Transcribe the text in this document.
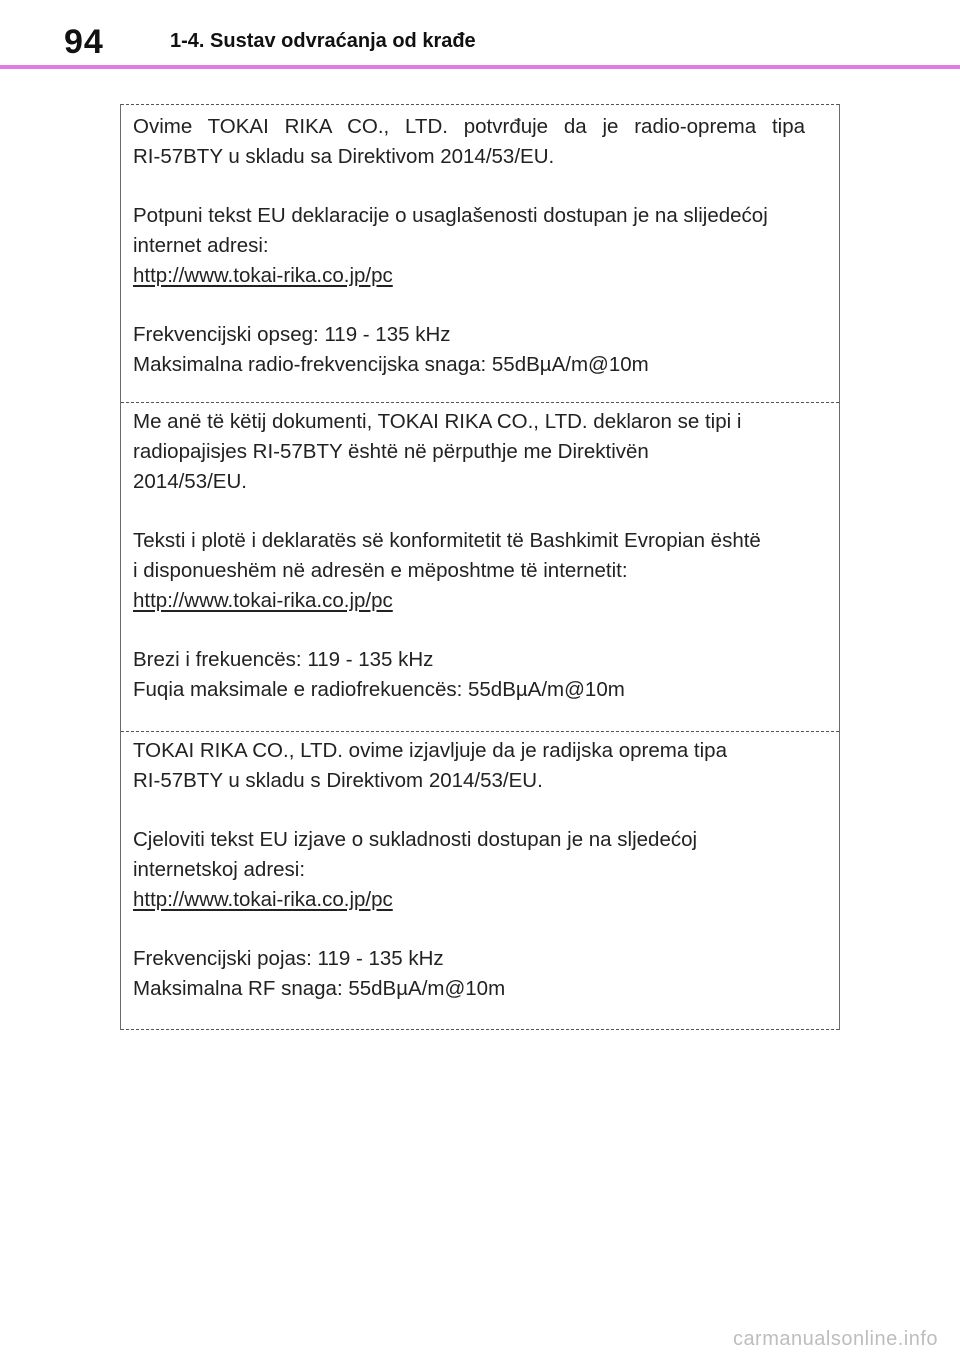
94	1-4. Sustav odvraćanja od krađe
Ovime TOKAI RIKA CO., LTD. potvrđuje da je radio-oprema tipa
RI-57BTY u skladu sa Direktivom 2014/53/EU.
Potpuni tekst EU deklaracije o usaglašenosti dostupan je na slijedećoj
internet adresi:
http://www.tokai-rika.co.jp/pc
Frekvencijski opseg: 119 - 135 kHz
Maksimalna radio-frekvencijska snaga: 55dBµA/m@10m
Me anë të këtij dokumenti, TOKAI RIKA CO., LTD. deklaron se tipi i
radiopajisjes RI-57BTY është në përputhje me Direktivën
2014/53/EU.
Teksti i plotë i deklaratës së konformitetit të Bashkimit Evropian është
i disponueshëm në adresën e mëposhtme të internetit:
http://www.tokai-rika.co.jp/pc
Brezi i frekuencës: 119 - 135 kHz
Fuqia maksimale e radiofrekuencës: 55dBµA/m@10m
TOKAI RIKA CO., LTD. ovime izjavljuje da je radijska oprema tipa
RI-57BTY u skladu s Direktivom 2014/53/EU.
Cjeloviti tekst EU izjave o sukladnosti dostupan je na sljedećoj
internetskoj adresi:
http://www.tokai-rika.co.jp/pc
Frekvencijski pojas: 119 - 135 kHz
Maksimalna RF snaga: 55dBµA/m@10m
carmanualsonline.info
